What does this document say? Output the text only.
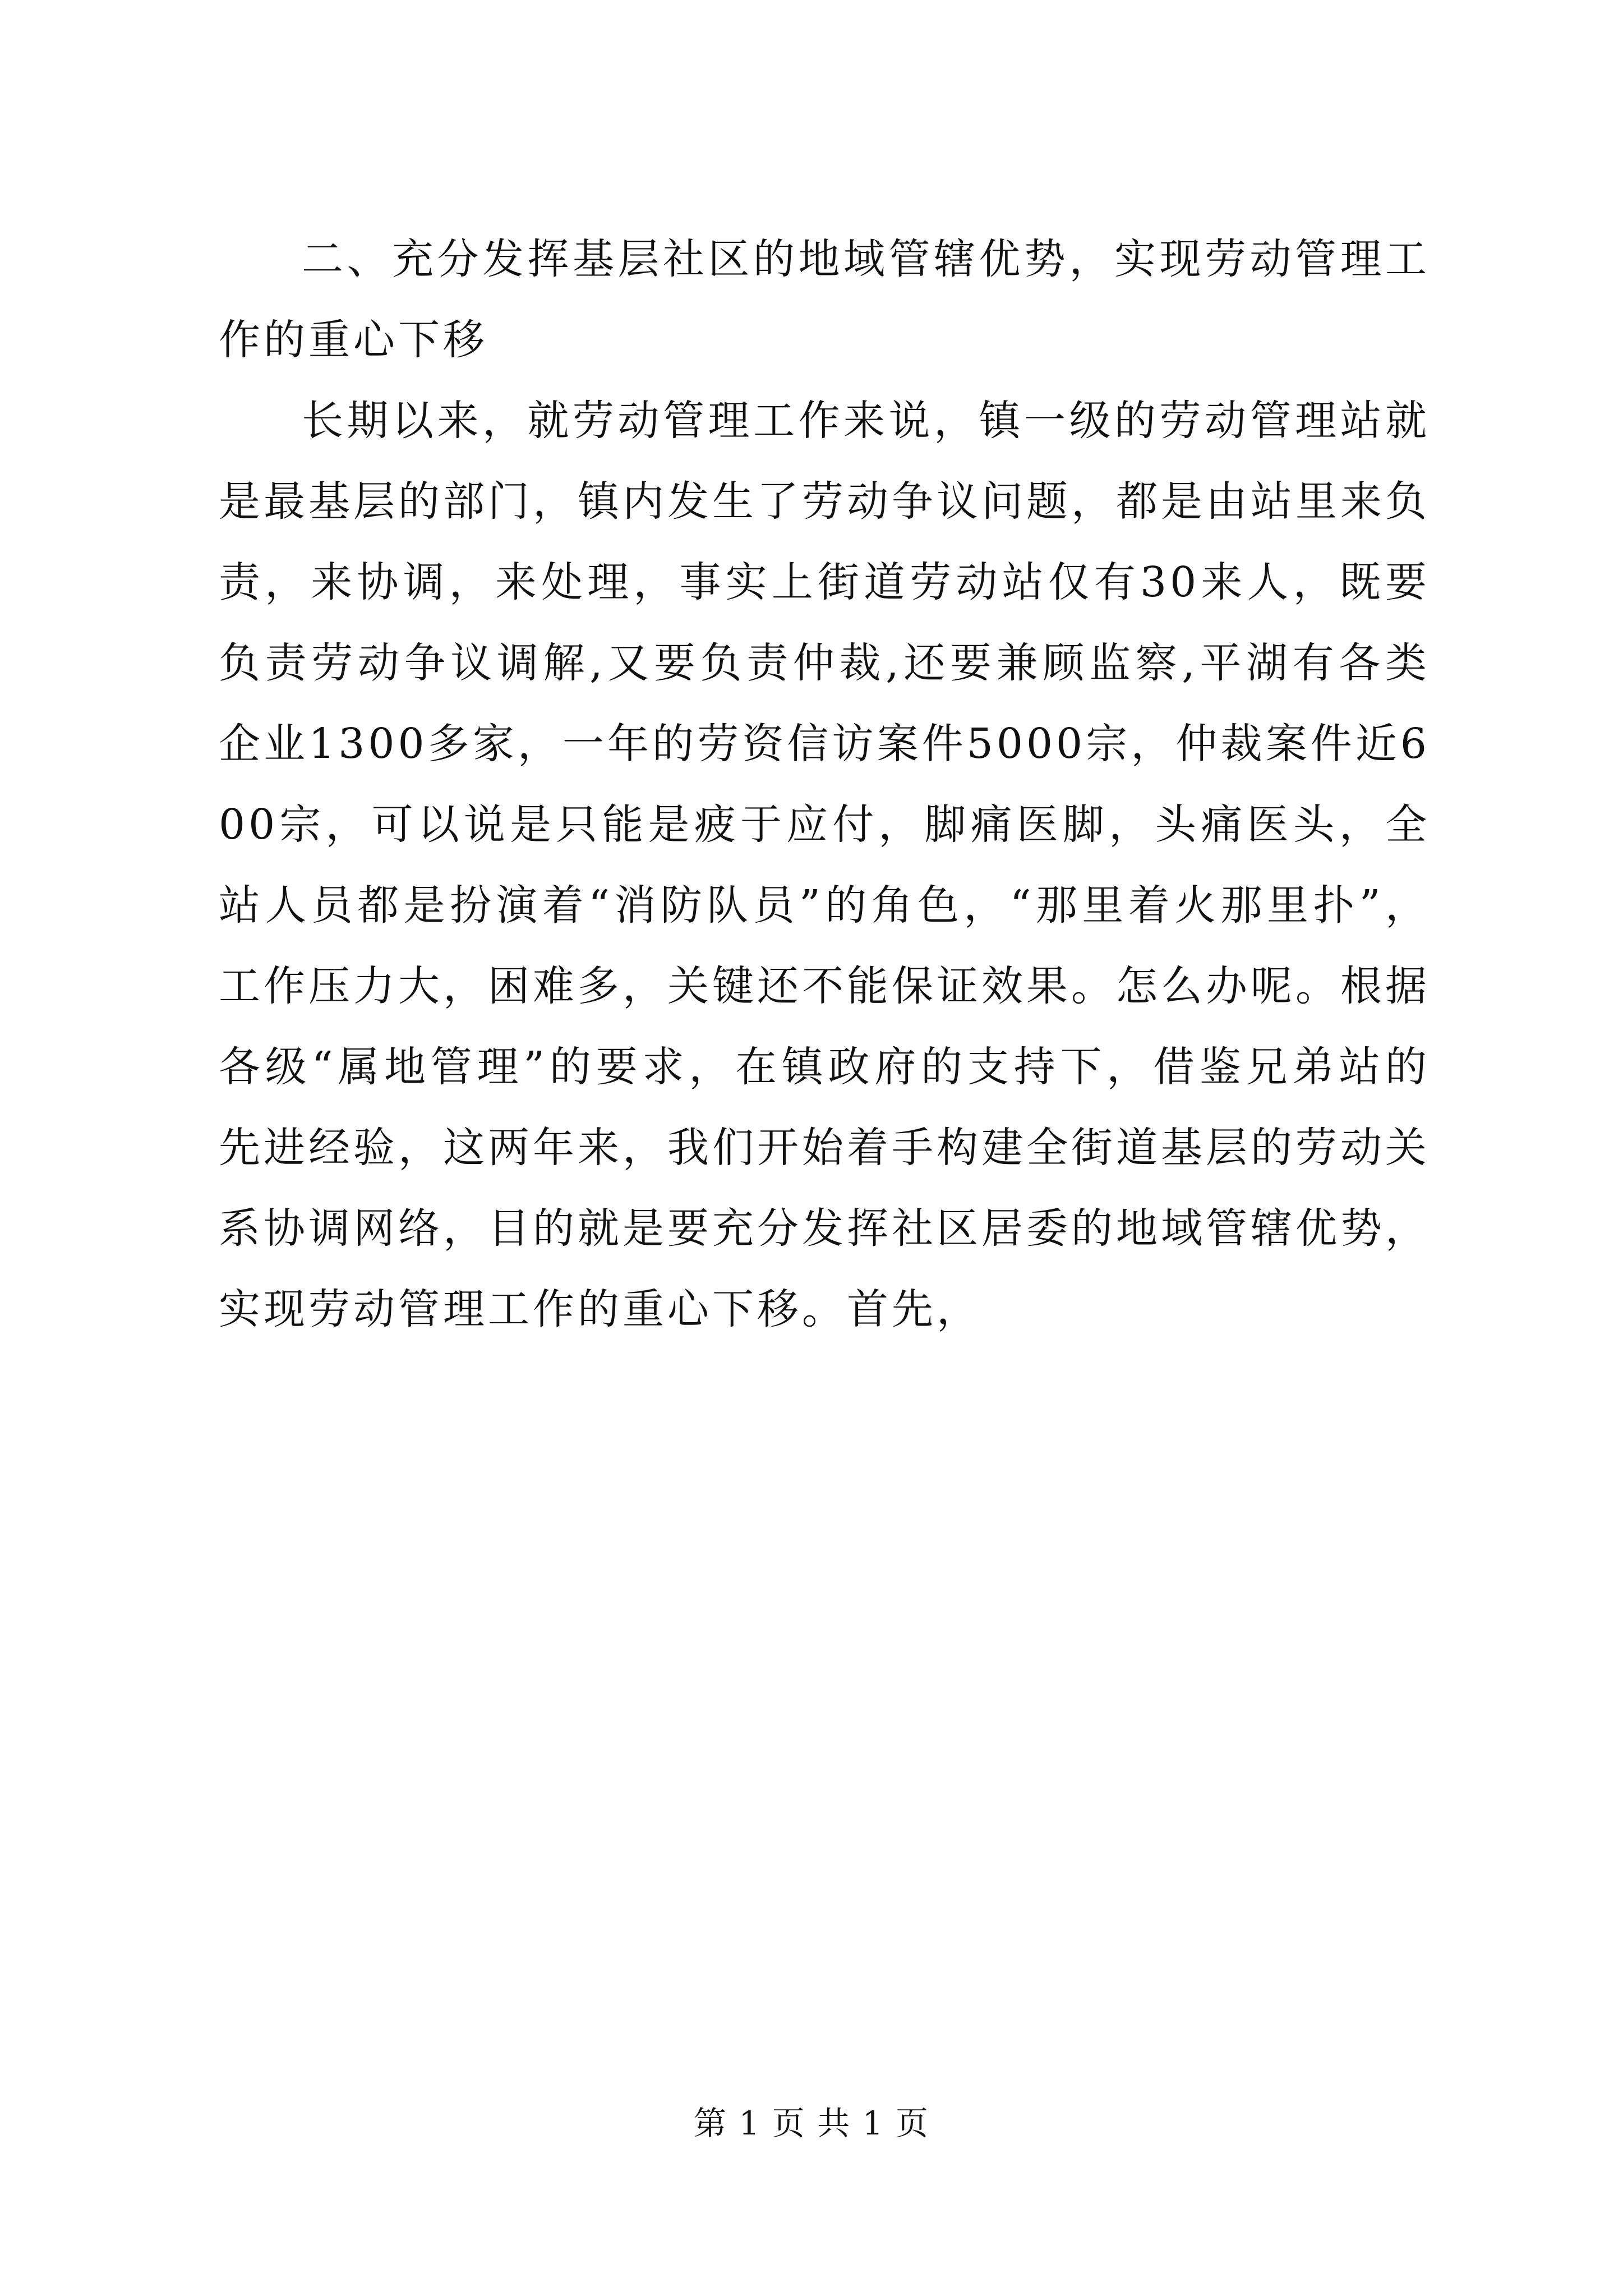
二、充分发挥基层社区的地域管辖优势，实现劳动管理工作的重心下移

长期以来，就劳动管理工作来说，镇一级的劳动管理站就是最基层的部门，镇内发生了劳动争议问题，都是由站里来负责，来协调，来处理，事实上街道劳动站仅有30来人，既要负责劳动争议调解,又要负责仲裁,还要兼顾监察,平湖有各类企业1300多家，一年的劳资信访案件5000宗，仲裁案件近600宗，可以说是只能是疲于应付，脚痛医脚，头痛医头，全站人员都是扮演着“消防队员”的角色，“那里着火那里扑”，工作压力大，困难多，关键还不能保证效果。怎么办呢。根据各级“属地管理”的要求，在镇政府的支持下，借鉴兄弟站的先进经验，这两年来，我们开始着手构建全街道基层的劳动关系协调网络，目的就是要充分发挥社区居委的地域管辖优势，实现劳动管理工作的重心下移。首先，

第 1 页 共 1 页
